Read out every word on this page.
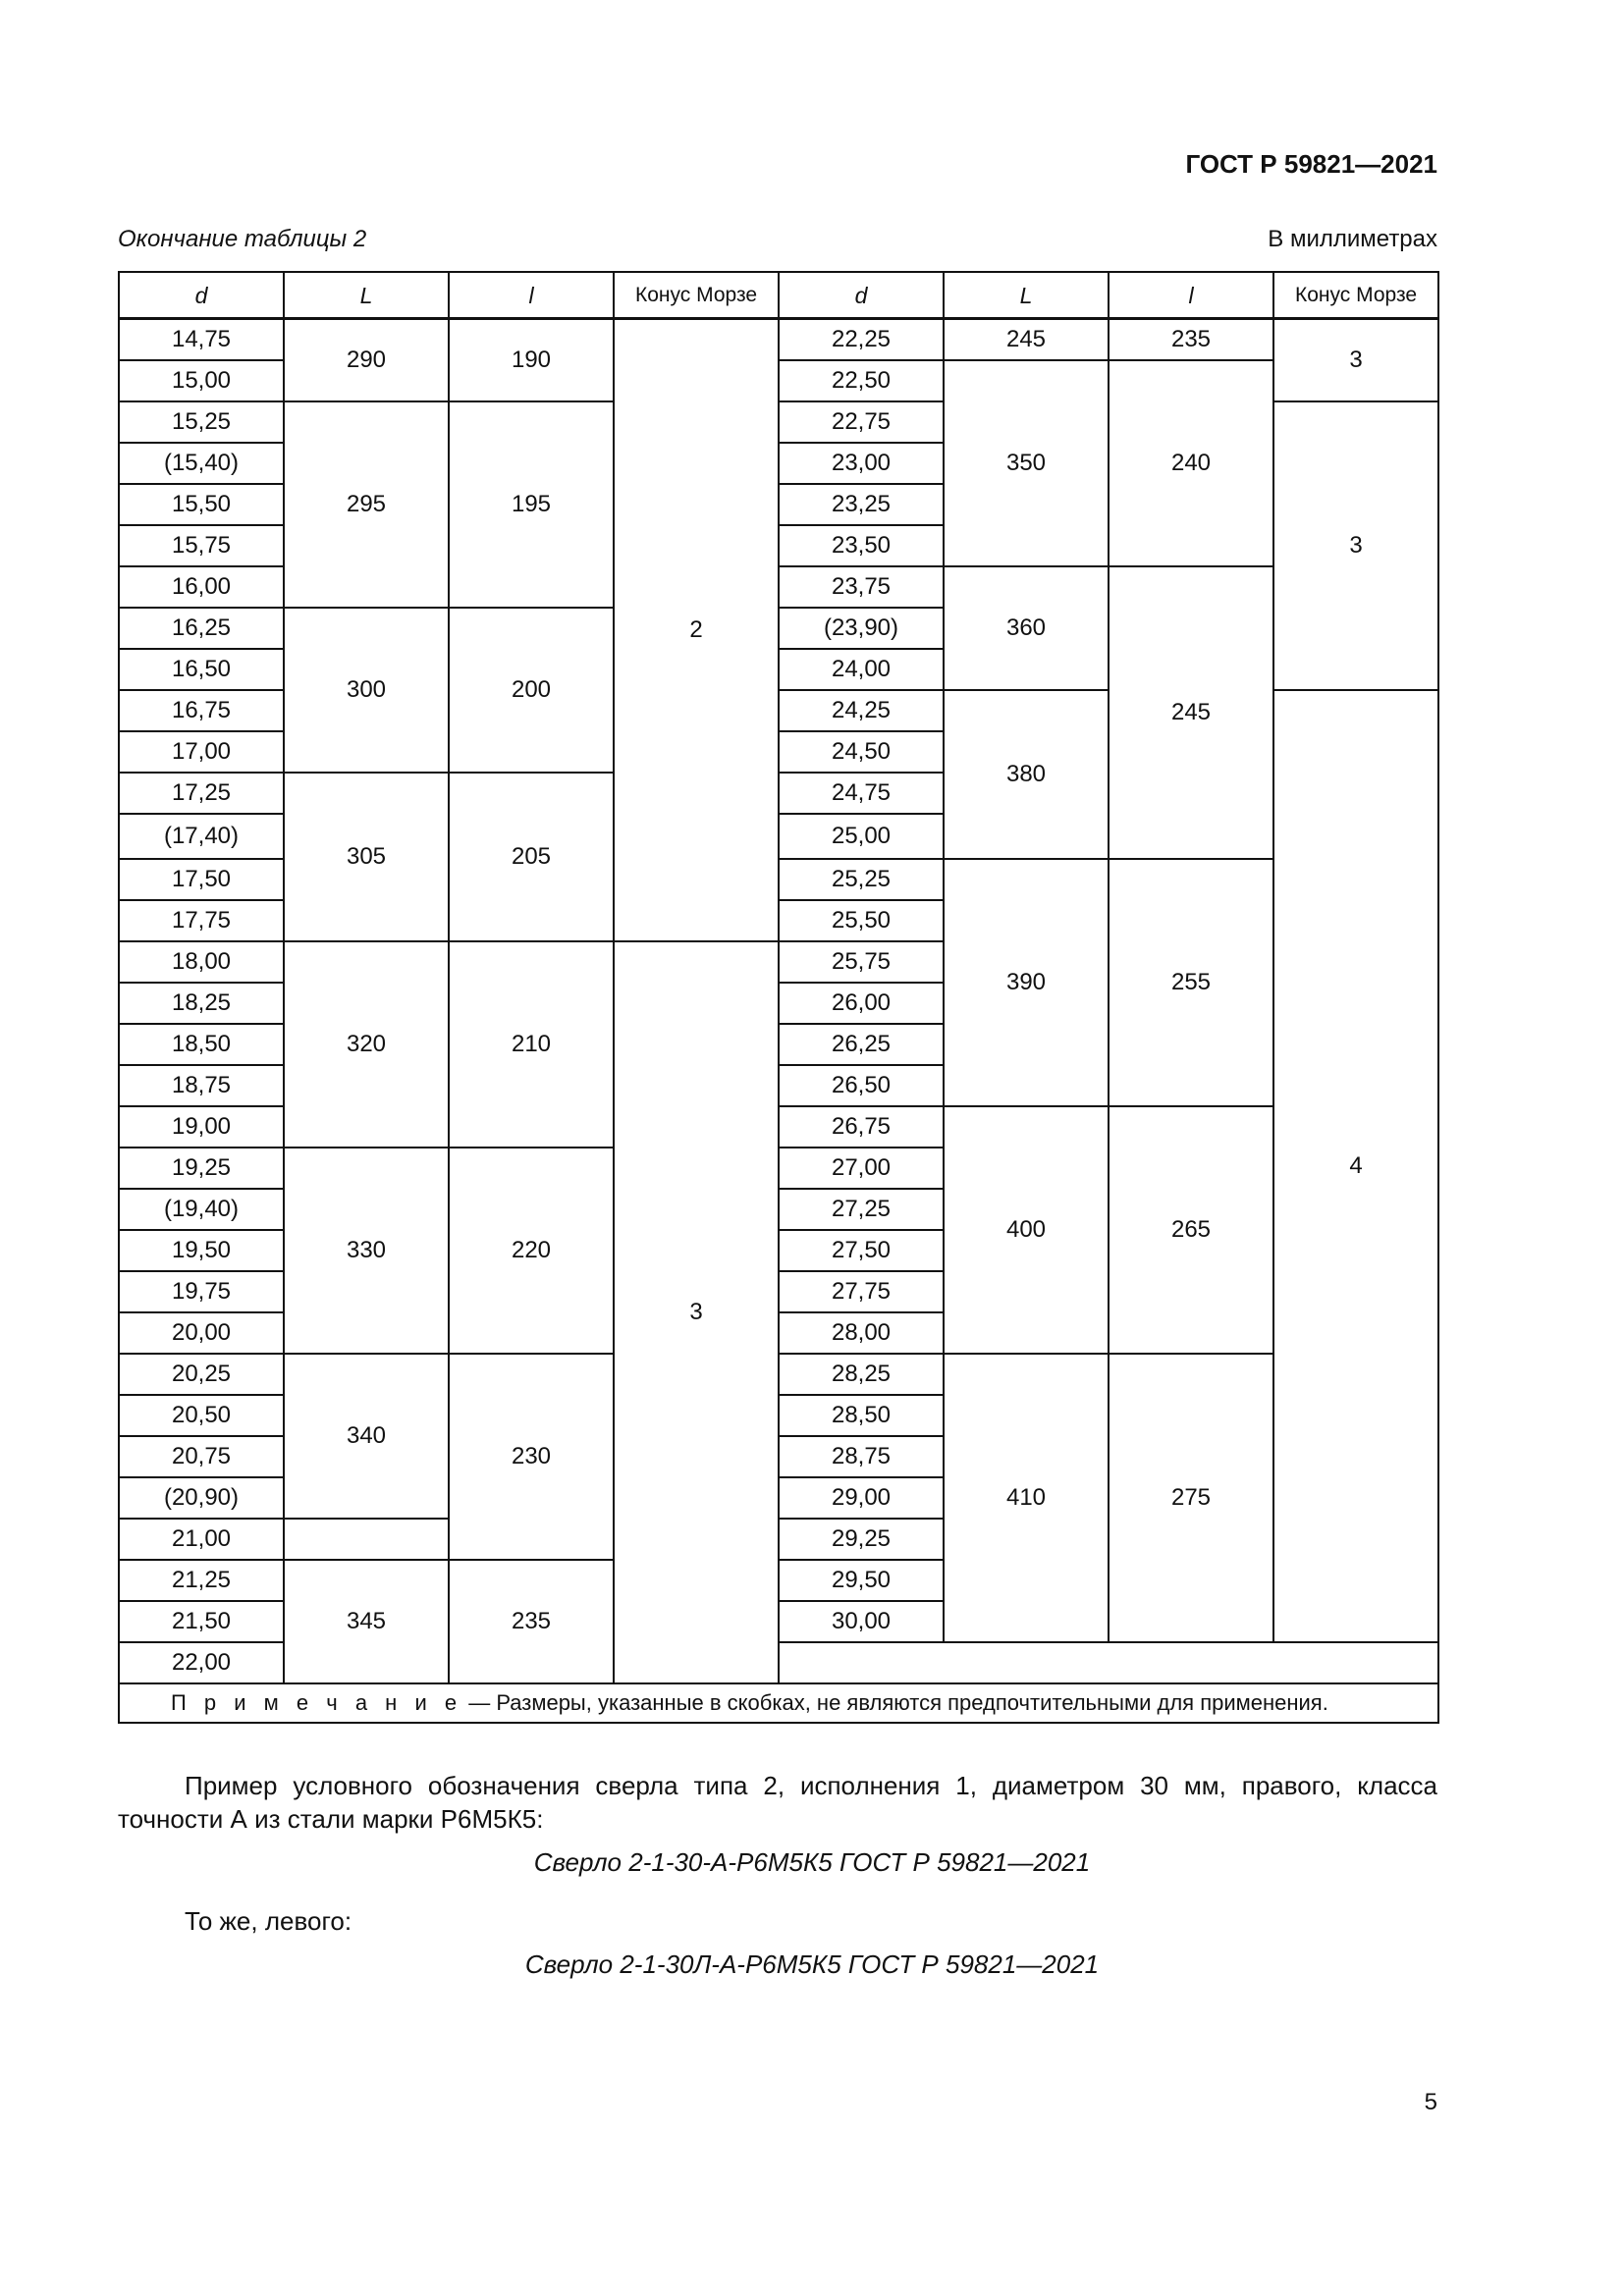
ГОСТ Р 59821—2021
Окончание таблицы 2	В миллиметрах
d	L	l	Конус Морзе	d	L	l	Конус Морзе
14,75	290	190	2	22,25	245	235	3
15,00				22,50	350	240	
15,25	295	195		22,75			3
(15,40)				23,00			
15,50				23,25			
15,75				23,50			
16,00				23,75	360	245	
16,25	300	200		(23,90)			
16,50				24,00			
16,75				24,25	380		4
17,00				24,50			
17,25	305	205		24,75			
(17,40)				25,00			
17,50				25,25	390	255	
17,75				25,50			
18,00	320	210	3	25,75			
18,25				26,00			
18,50				26,25			
18,75				26,50			
19,00				26,75	400	265	
19,25	330	220		27,00			
(19,40)				27,25			
19,50				27,50			
19,75				27,75			
20,00				28,00			
20,25	340	230		28,25	410	275	
20,50				28,50			
20,75				28,75			
(20,90)				29,00			
21,00				29,25			
21,25	345	235		29,50			
21,50				30,00			
22,00							
П р и м е ч а н и е — Размеры, указанные в скобках, не являются предпочтительными для применения.							
Пример условного обозначения сверла типа 2, исполнения 1, диаметром 30 мм, правого, класса точности А из стали марки Р6М5К5:
Сверло 2-1-30-А-Р6М5К5 ГОСТ Р 59821—2021
То же, левого:
Сверло 2-1-30Л-А-Р6М5К5 ГОСТ Р 59821—2021
5
